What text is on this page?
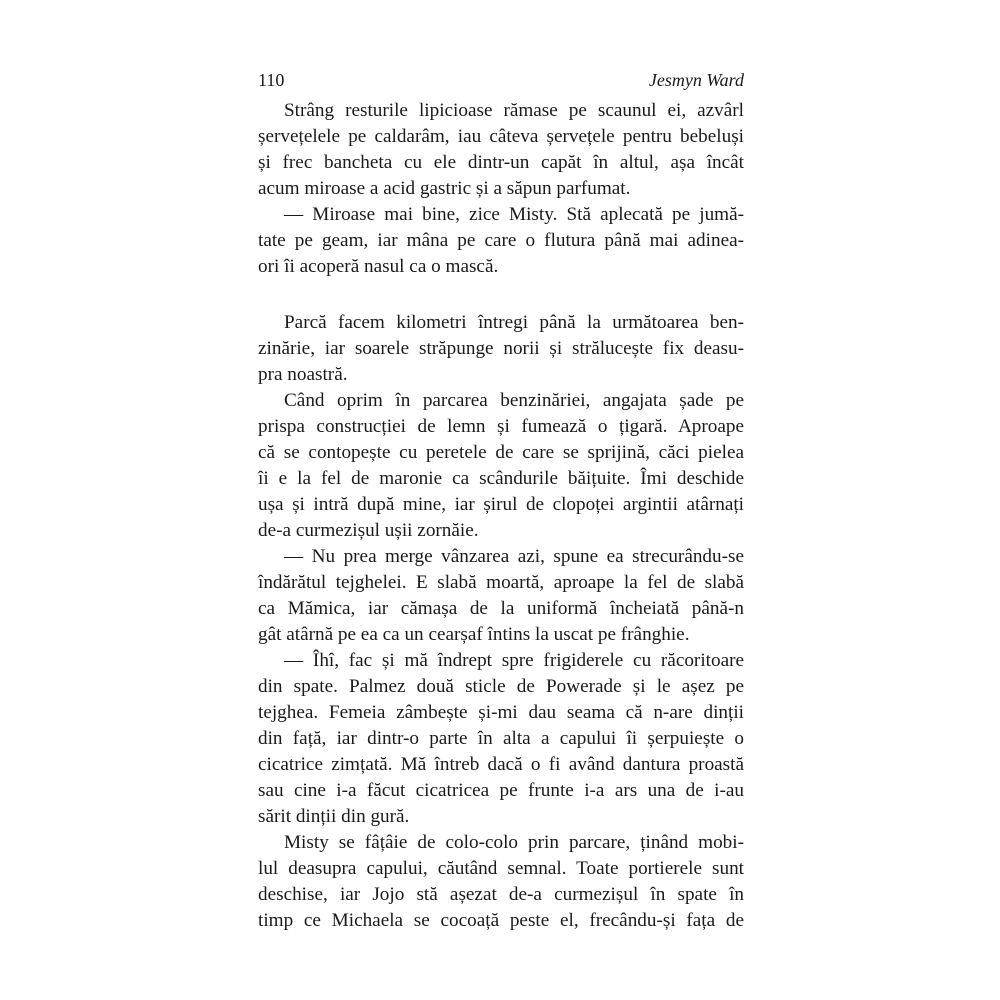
110	Jesmyn Ward
Strâng resturile lipicioase rămase pe scaunul ei, azvârl
șervețelele pe caldarâm, iau câteva șervețele pentru bebeluși
și frec bancheta cu ele dintr-un capăt în altul, așa încât
acum miroase a acid gastric și a săpun parfumat.
— Miroase mai bine, zice Misty. Stă aplecată pe jumă-
tate pe geam, iar mâna pe care o flutura până mai adinea-
ori îi acoperă nasul ca o mască.
Parcă facem kilometri întregi până la următoarea ben-
zinărie, iar soarele străpunge norii și strălucește fix deasu-
pra noastră.
Când oprim în parcarea benzinăriei, angajata șade pe
prispa construcției de lemn și fumează o țigară. Aproape
că se contopește cu peretele de care se sprijină, căci pielea
îi e la fel de maronie ca scândurile băițuite. Îmi deschide
ușa și intră după mine, iar șirul de clopoței argintii atârnați
de-a curmezișul ușii zornăie.
— Nu prea merge vânzarea azi, spune ea strecurându-se
îndărătul tejghelei. E slabă moartă, aproape la fel de slabă
ca Mămica, iar cămașa de la uniformă încheiată până-n
gât atârnă pe ea ca un cearșaf întins la uscat pe frânghie.
— Îhî, fac și mă îndrept spre frigiderele cu răcoritoare
din spate. Palmez două sticle de Powerade și le așez pe
tejghea. Femeia zâmbește și-mi dau seama că n-are dinții
din față, iar dintr-o parte în alta a capului îi șerpuiește o
cicatrice zimțată. Mă întreb dacă o fi având dantura proastă
sau cine i-a făcut cicatricea pe frunte i-a ars una de i-au
sărit dinții din gură.
Misty se fâțâie de colo-colo prin parcare, ținând mobi-
lul deasupra capului, căutând semnal. Toate portierele sunt
deschise, iar Jojo stă așezat de-a curmezișul în spate în
timp ce Michaela se cocoață peste el, frecându-și fața de
